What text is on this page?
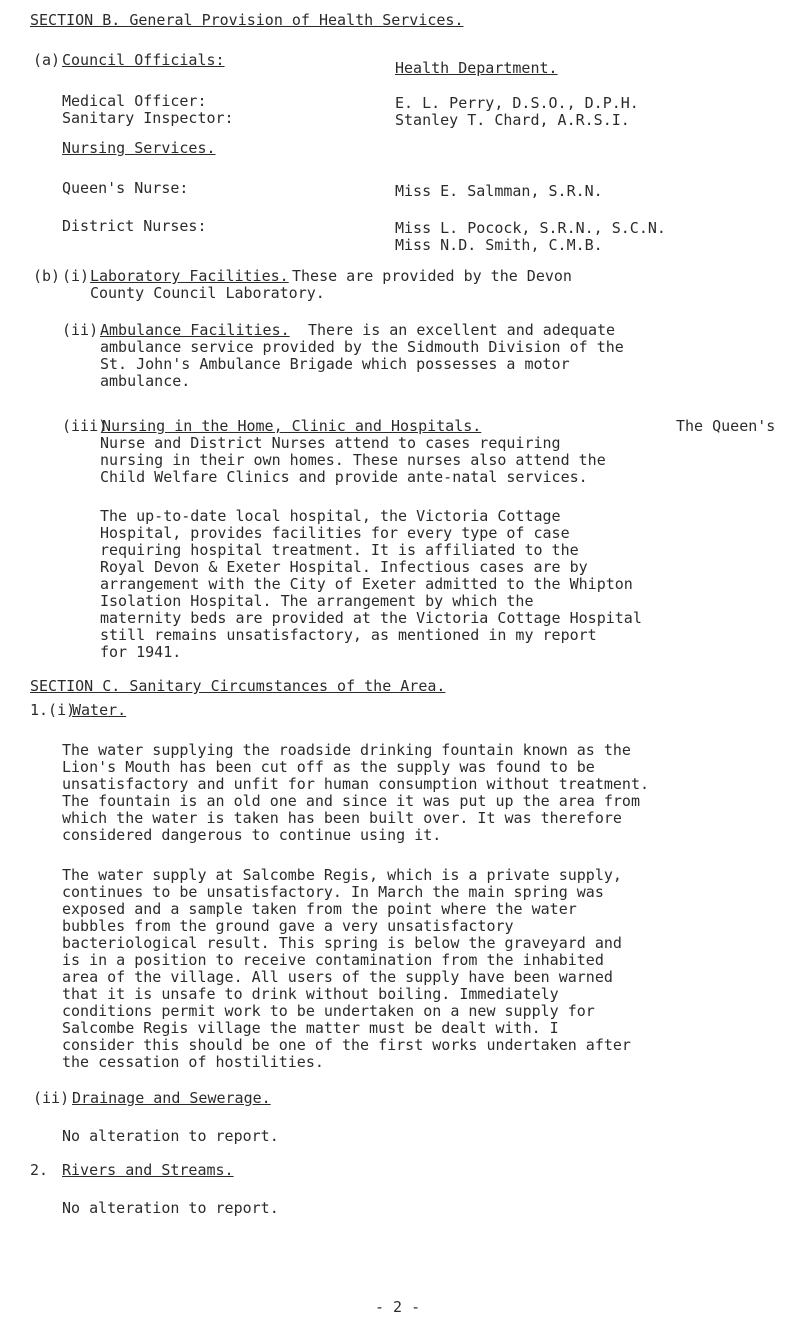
SECTION B. General Provision of Health Services.
(a) Council Officials:	Health Department.
Medical Officer:	E. L. Perry, D.S.O., D.P.H.
Sanitary Inspector:	Stanley T. Chard, A.R.S.I.
Nursing Services.
Queen's Nurse:	Miss E. Salmman, S.R.N.
District Nurses:	Miss L. Pocock, S.R.N., S.C.N.
Miss N.D. Smith, C.M.B.
(b) (i) Laboratory Facilities. These are provided by the Devon
County Council Laboratory.
(ii) Ambulance Facilities. There is an excellent and adequate
ambulance service provided by the Sidmouth Division of the
St. John's Ambulance Brigade which possesses a motor
ambulance.
(iii)
Nursing in the Home, Clinic and Hospitals.	The Queen's
Nurse and District Nurses attend to cases requiring
nursing in their own homes. These nurses also attend the
Child Welfare Clinics and provide ante-natal services.
The up-to-date local hospital, the Victoria Cottage
Hospital, provides facilities for every type of case
requiring hospital treatment. It is affiliated to the
Royal Devon & Exeter Hospital. Infectious cases are by
arrangement with the City of Exeter admitted to the Whipton
Isolation Hospital. The arrangement by which the
maternity beds are provided at the Victoria Cottage Hospital
still remains unsatisfactory, as mentioned in my report
for 1941.
SECTION C. Sanitary Circumstances of the Area.
1.(i)
Water.
The water supplying the roadside drinking fountain known as the
Lion's Mouth has been cut off as the supply was found to be
unsatisfactory and unfit for human consumption without treatment.
The fountain is an old one and since it was put up the area from
which the water is taken has been built over. It was therefore
considered dangerous to continue using it.
The water supply at Salcombe Regis, which is a private supply,
continues to be unsatisfactory. In March the main spring was
exposed and a sample taken from the point where the water
bubbles from the ground gave a very unsatisfactory
bacteriological result. This spring is below the graveyard and
is in a position to receive contamination from the inhabited
area of the village. All users of the supply have been warned
that it is unsafe to drink without boiling. Immediately
conditions permit work to be undertaken on a new supply for
Salcombe Regis village the matter must be dealt with. I
consider this should be one of the first works undertaken after
the cessation of hostilities.
(ii) Drainage and Sewerage.
No alteration to report.
2. Rivers and Streams.
No alteration to report.
- 2 -
